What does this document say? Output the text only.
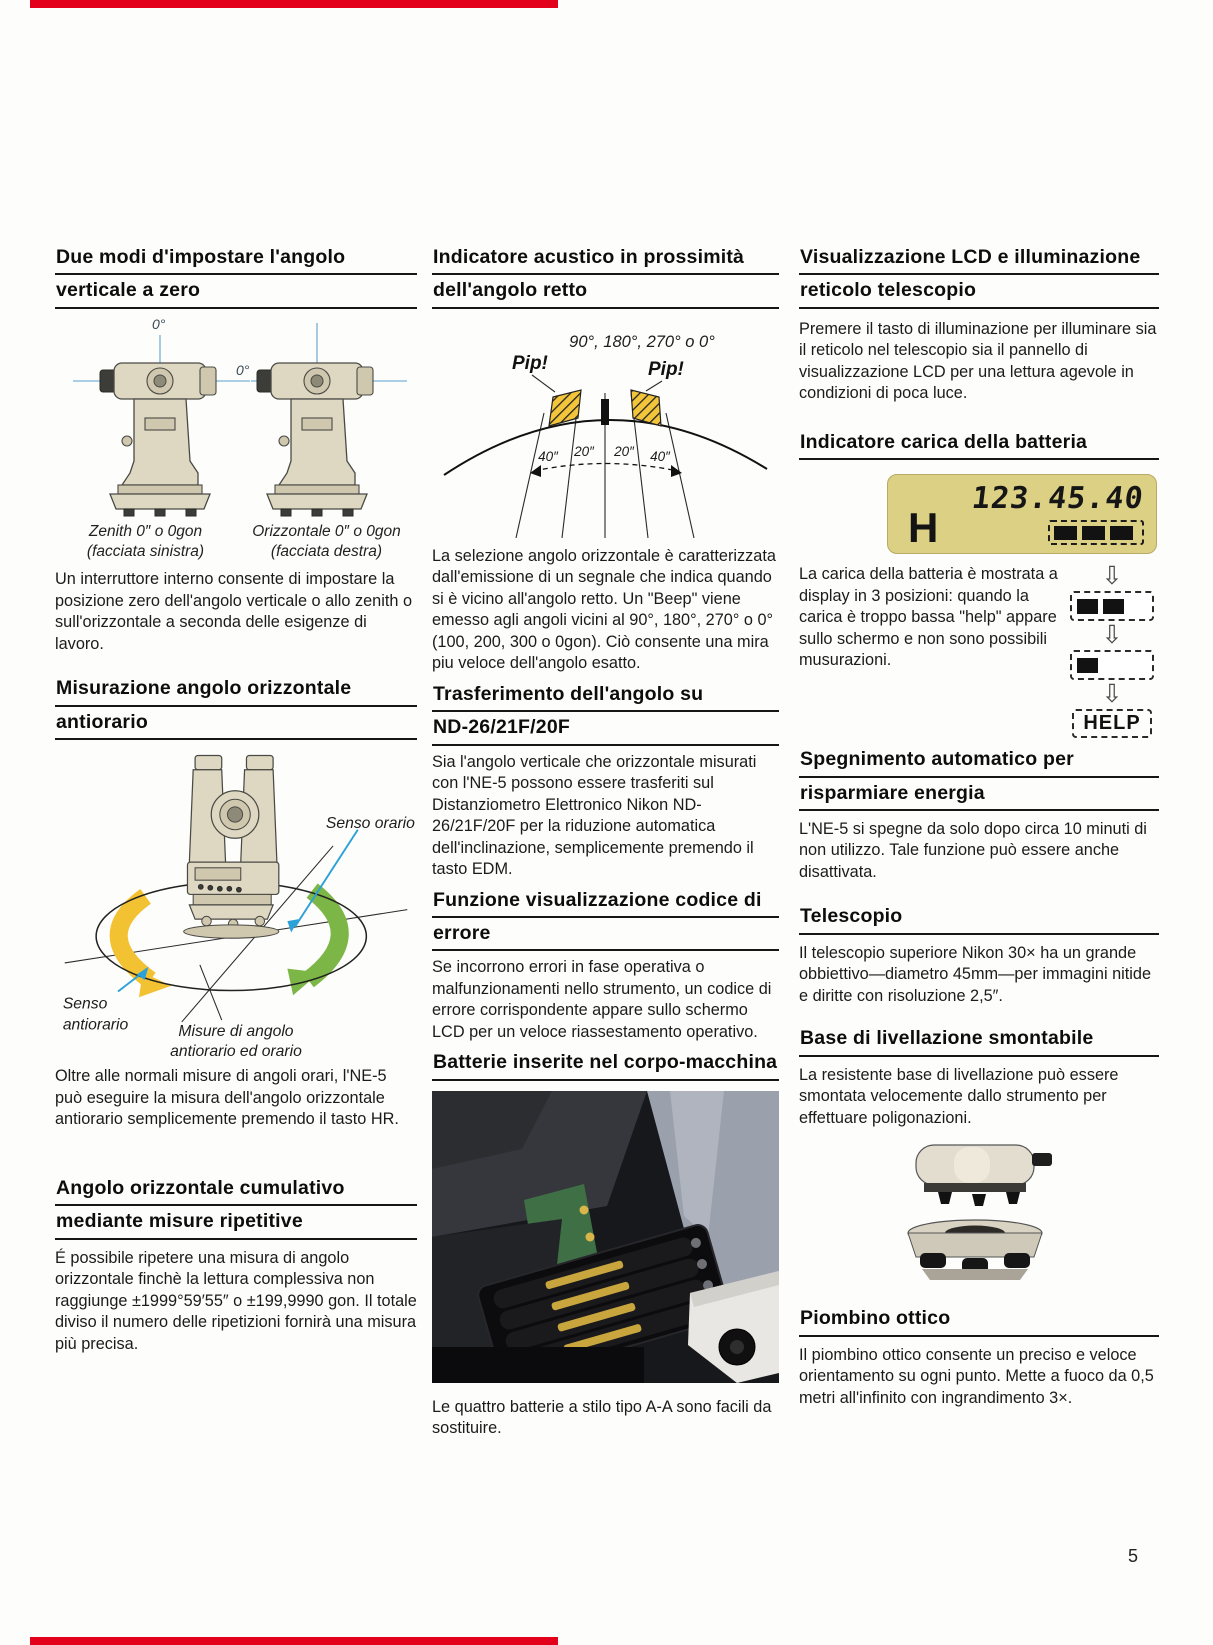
Due modi d'impostare l'angolo
verticale a zero
0°
0°
Zenith 0″ o 0gon
(facciata sinistra)
Orizzontale 0″ o 0gon
(facciata destra)

Un interruttore interno consente di impostare la posizione zero dell'angolo verticale o allo zenith o sull'orizzontale a seconda delle esigenze di lavoro.

Misurazione angolo orizzontale
antiorario
Senso orario
Senso
antiorario	Misure di angolo
antiorario ed orario

Oltre alle normali misure di angoli orari, l'NE-5 può eseguire la misura dell'angolo orizzontale antiorario semplicemente premendo il tasto HR.

Angolo orizzontale cumulativo
mediante misure ripetitive

É possibile ripetere una misura di angolo orizzontale finchè la lettura complessiva non raggiunge ±1999°59′55″ o ±199,9990 gon. Il totale diviso il numero delle ripetizioni fornirà una misura più precisa.

Indicatore acustico in prossimità
dell'angolo retto
90°, 180°, 270° o 0°
Pip!	Pip!
40″ 20″ 20″ 40″

La selezione angolo orizzontale è caratterizzata dall'emissione di un segnale che indica quando si è vicino all'angolo retto. Un "Beep" viene emesso agli angoli vicini al 90°, 180°, 270° o 0° (100, 200, 300 o 0gon). Ciò consente una mira piu veloce dell'angolo esatto.

Trasferimento dell'angolo su
ND-26/21F/20F

Sia l'angolo verticale che orizzontale misurati con l'NE-5 possono essere trasferiti sul Distanziometro Elettronico Nikon ND-26/21F/20F per la riduzione automatica dell'inclinazione, semplicemente premendo il tasto EDM.

Funzione visualizzazione codice di
errore

Se incorrono errori in fase operativa o malfunzionamenti nello strumento, un codice di errore corrispondente appare sullo schermo LCD per un veloce riassestamento operativo.

Batterie inserite nel corpo-macchina

Le quattro batterie a stilo tipo A-A sono facili da sostituire.

Visualizzazione LCD e illuminazione
reticolo telescopio

Premere il tasto di illuminazione per illuminare sia il reticolo nel telescopio sia il pannello di visualizzazione LCD per una lettura agevole in condizioni di poca luce.

Indicatore carica della batteria
H
123.45.40

La carica della batteria è mostrata a display in 3 posizioni: quando la carica è troppo bassa "help" appare sullo schermo e non sono possibili musurazioni.

⇩
⇩
⇩
HELP
Spegnimento automatico per
risparmiare energia

L'NE-5 si spegne da solo dopo circa 10 minuti di non utilizzo. Tale funzione può essere anche disattivata.

Telescopio

Il telescopio superiore Nikon 30× ha un grande obbiettivo—diametro 45mm—per immagini nitide e diritte con risoluzione 2,5″.

Base di livellazione smontabile

La resistente base di livellazione può essere smontata velocemente dallo strumento per effettuare poligonazioni.

Piombino ottico

Il piombino ottico consente un preciso e veloce orientamento su ogni punto. Mette a fuoco da 0,5 metri all'infinito con ingrandimento 3×.

5
